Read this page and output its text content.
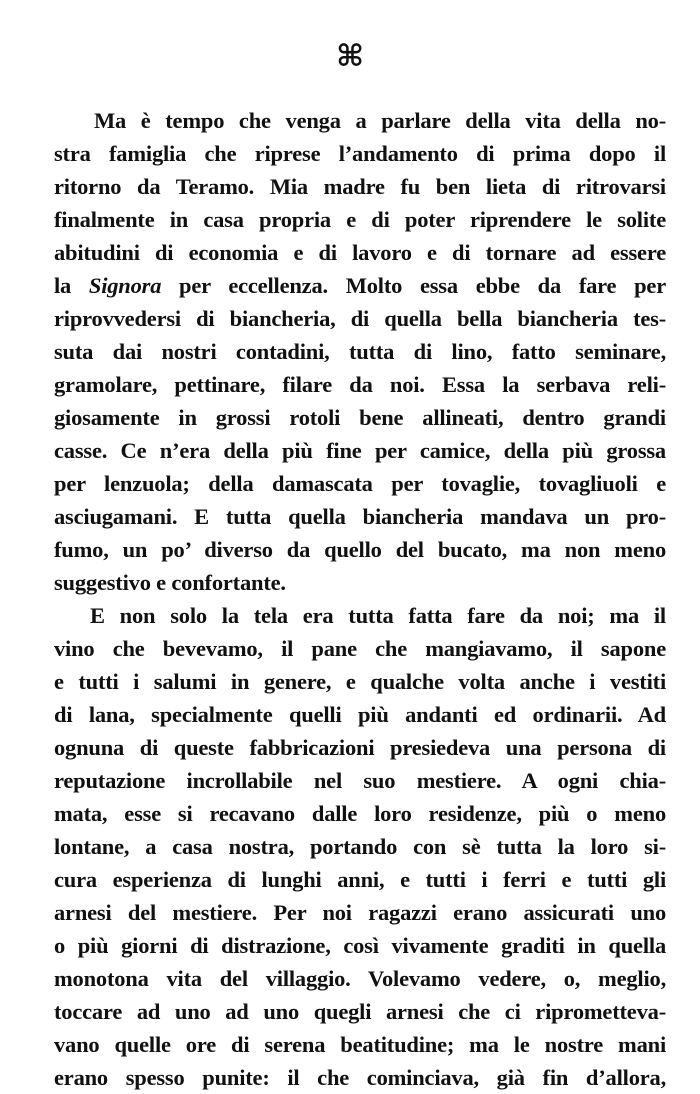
⌘
Ma è tempo che venga a parlare della vita della no-
stra famiglia che riprese l’andamento di prima dopo il
ritorno da Teramo. Mia madre fu ben lieta di ritrovarsi
finalmente in casa propria e di poter riprendere le solite
abitudini di economia e di lavoro e di tornare ad essere
la Signora per eccellenza. Molto essa ebbe da fare per
riprovvedersi di biancheria, di quella bella biancheria tes-
suta dai nostri contadini, tutta di lino, fatto seminare,
gramolare, pettinare, filare da noi. Essa la serbava reli-
giosamente in grossi rotoli bene allineati, dentro grandi
casse. Ce n’era della più fine per camice, della più grossa
per lenzuola; della damascata per tovaglie, tovagliuoli e
asciugamani. E tutta quella biancheria mandava un pro-
fumo, un po’ diverso da quello del bucato, ma non meno
suggestivo e confortante.
E non solo la tela era tutta fatta fare da noi; ma il
vino che bevevamo, il pane che mangiavamo, il sapone
e tutti i salumi in genere, e qualche volta anche i vestiti
di lana, specialmente quelli più andanti ed ordinarii. Ad
ognuna di queste fabbricazioni presiedeva una persona di
reputazione incrollabile nel suo mestiere. A ogni chia-
mata, esse si recavano dalle loro residenze, più o meno
lontane, a casa nostra, portando con sè tutta la loro si-
cura esperienza di lunghi anni, e tutti i ferri e tutti gli
arnesi del mestiere. Per noi ragazzi erano assicurati uno
o più giorni di distrazione, così vivamente graditi in quella
monotona vita del villaggio. Volevamo vedere, o, meglio,
toccare ad uno ad uno quegli arnesi che ci riprometteva-
vano quelle ore di serena beatitudine; ma le nostre mani
erano spesso punite: il che cominciava, già fin d’allora,
